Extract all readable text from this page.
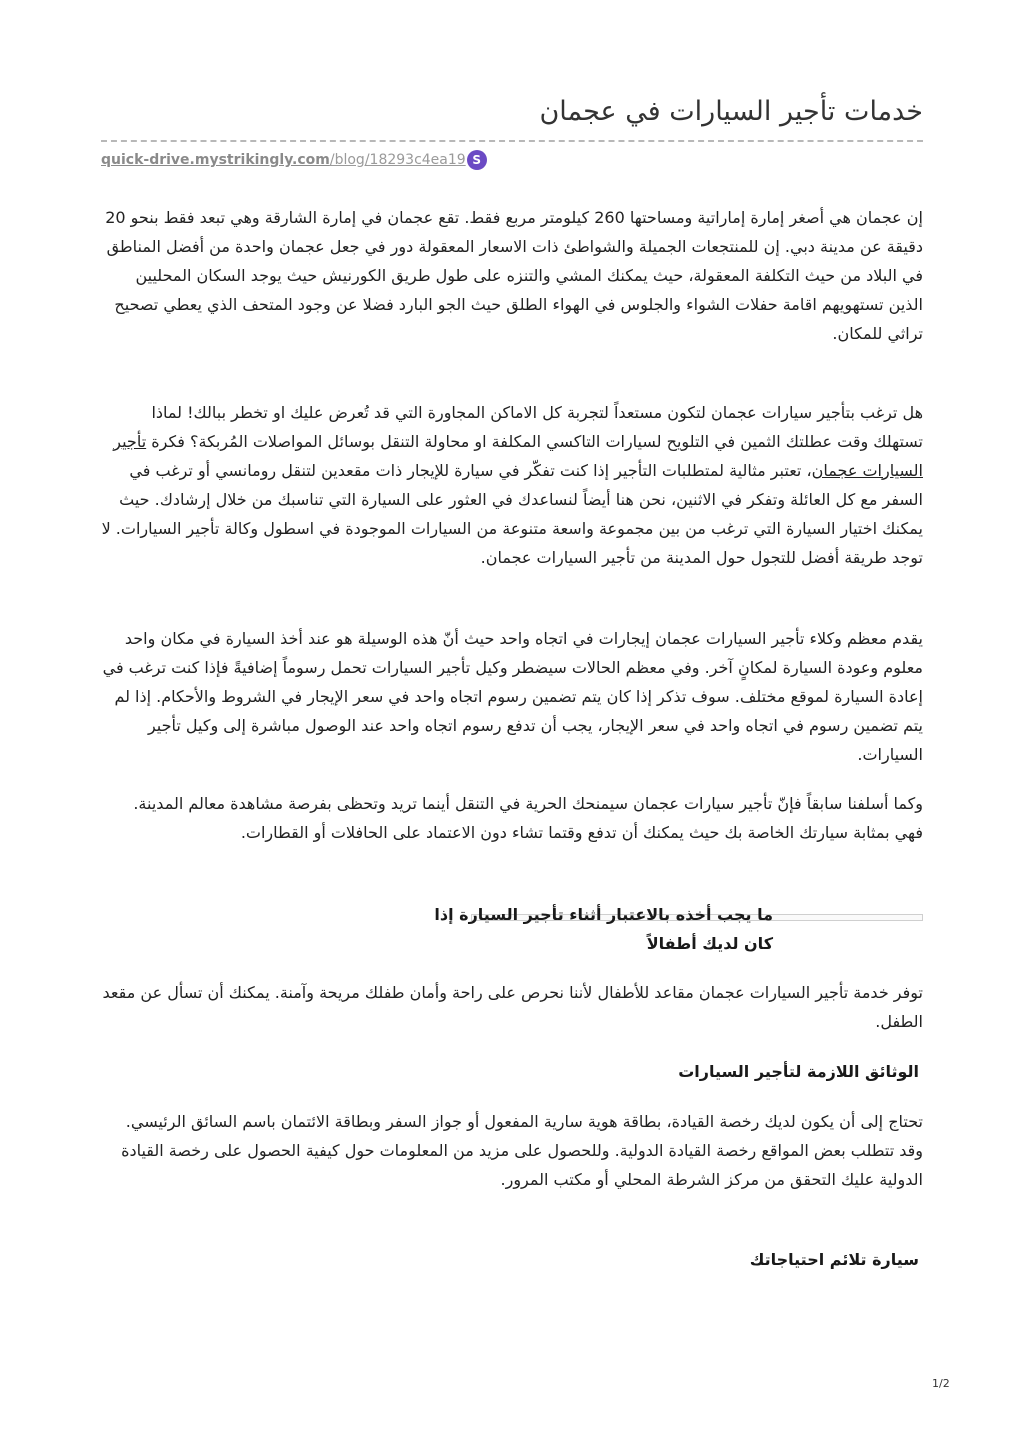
خدمات تأجير السيارات في عجمان
quick-drive.mystrikingly.com /blog/18293c4ea19 S

إن عجمان هي أصغر إمارة إماراتية ومساحتها 260 كيلومتر مربع فقط. تقع عجمان في إمارة الشارقة وهي تبعد فقط بنحو 20 دقيقة عن مدينة دبي. إن للمنتجعات الجميلة والشواطئ ذات الاسعار المعقولة دور في جعل عجمان واحدة من أفضل المناطق في البلاد من حيث التكلفة المعقولة، حيث يمكنك المشي والتنزه على طول طريق الكورنيش حيث يوجد السكان المحليين الذين تستهويهم اقامة حفلات الشواء والجلوس في الهواء الطلق حيث الجو البارد فضلا عن وجود المتحف الذي يعطي تصحيح تراثي للمكان.

هل ترغب بتأجير سيارات عجمان لتكون مستعداً لتجربة كل الاماكن المجاورة التي قد تُعرض عليك او تخطر ببالك! لماذا تستهلك وقت عطلتك الثمين في التلويح لسيارات التاكسي المكلفة او محاولة التنقل بوسائل المواصلات المُربكة؟ فكرة تأجير السيارات عجمان، تعتبر مثالية لمتطلبات التأجير إذا كنت تفكّر في سيارة للإيجار ذات مقعدين لتنقل رومانسي أو ترغب في السفر مع كل العائلة وتفكر في الاثنين، نحن هنا أيضاً لنساعدك في العثور على السيارة التي تناسبك من خلال إرشادك. حيث يمكنك اختيار السيارة التي ترغب من بين مجموعة واسعة متنوعة من السيارات الموجودة في اسطول وكالة تأجير السيارات. لا توجد طريقة أفضل للتجول حول المدينة من تأجير السيارات عجمان.

يقدم معظم وكلاء تأجير السيارات عجمان إيجارات في اتجاه واحد حيث أنّ هذه الوسيلة هو عند أخذ السيارة في مكان واحد معلوم وعودة السيارة لمكانٍ آخر. وفي معظم الحالات سيضطر وكيل تأجير السيارات تحمل رسوماً إضافيةً فإذا كنت ترغب في إعادة السيارة لموقع مختلف. سوف تذكر إذا كان يتم تضمين رسوم اتجاه واحد في سعر الإيجار في الشروط والأحكام. إذا لم يتم تضمين رسوم في اتجاه واحد في سعر الإيجار، يجب أن تدفع رسوم اتجاه واحد عند الوصول مباشرة إلى وكيل تأجير السيارات.

وكما أسلفنا سابقاً فإنّ تأجير سيارات عجمان سيمنحك الحرية في التنقل أينما تريد وتحظى بفرصة مشاهدة معالم المدينة. فهي بمثابة سيارتك الخاصة بك حيث يمكنك أن تدفع وقتما تشاء دون الاعتماد على الحافلات أو القطارات.

ما يجب أخذه بالاعتبار أثناء تأجير السيارة إذا كان لديك أطفالاً

توفر خدمة تأجير السيارات عجمان مقاعد للأطفال لأننا نحرص على راحة وأمان طفلك مريحة وآمنة. يمكنك أن تسأل عن مقعد الطفل.

الوثائق اللازمة لتأجير السيارات

تحتاج إلى أن يكون لديك رخصة القيادة، بطاقة هوية سارية المفعول أو جواز السفر وبطاقة الائتمان باسم السائق الرئيسي. وقد تتطلب بعض المواقع رخصة القيادة الدولية. وللحصول على مزيد من المعلومات حول كيفية الحصول على رخصة القيادة الدولية عليك التحقق من مركز الشرطة المحلي أو مكتب المرور.

سيارة تلائم احتياجاتك
1/2
